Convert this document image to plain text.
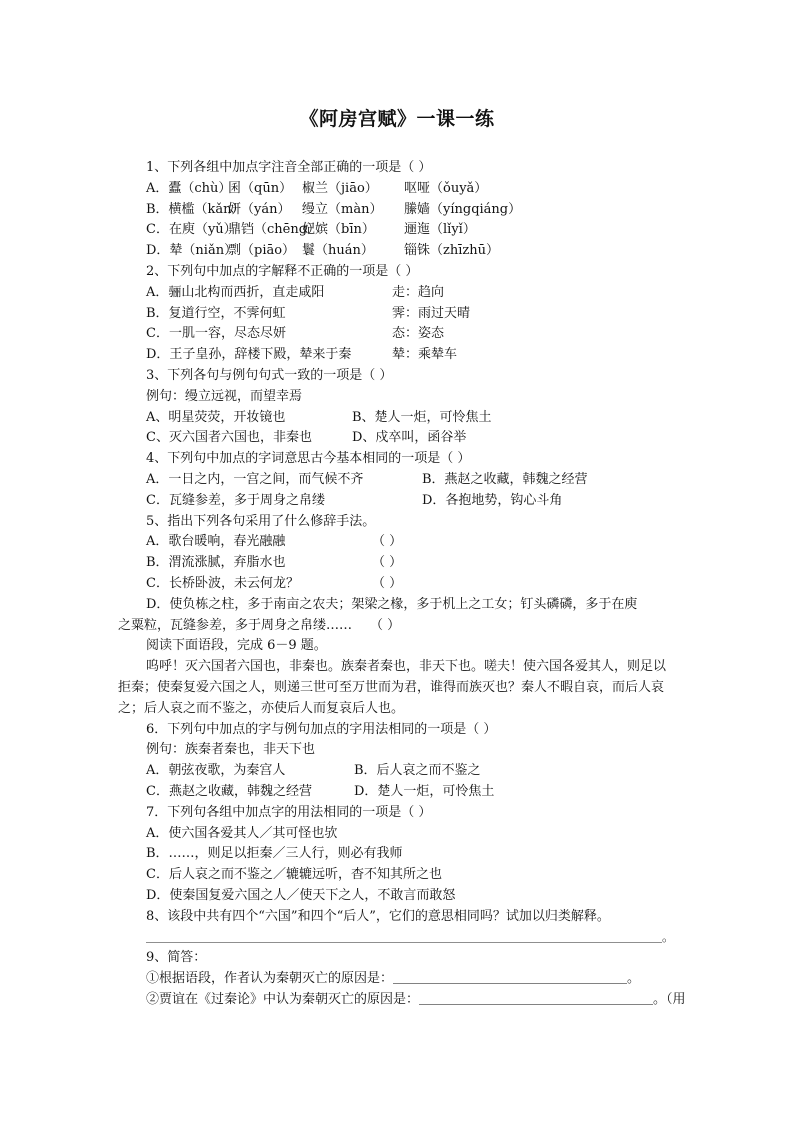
《阿房宫赋》一课一练
1、下列各组中加点字注音全部正确的一项是（ ）
A．蠹（chù）囷（qūn） 椒兰（jiāo） 呕哑（ǒuyǎ）
B．横槛（kǎn）妍（yán） 缦立（màn） 縢嫱（yíngqiáng）
C．在庾（yǔ）鼎铛（chēng）妃嫔（bīn） 逦迤（lǐyǐ）
D．辇（niǎn）剽（piāo） 鬟（huán） 锱铢（zhīzhū）
2、下列句中加点的字解释不正确的一项是（ ）
A．骊山北构而西折，直走咸阳	走：趋向
B．复道行空，不霁何虹	霁：雨过天晴
C．一肌一容，尽态尽妍	态：姿态
D．王子皇孙，辞楼下殿，辇来于秦	辇：乘辇车
3、下列各句与例句句式一致的一项是（ ）
例句：缦立远视，而望幸焉
A、明星荧荧，开妆镜也	B、楚人一炬，可怜焦土
C、灭六国者六国也，非秦也	D、戍卒叫，函谷举
4、下列句中加点的字词意思古今基本相同的一项是（ ）
A．一日之内，一宫之间，而气候不齐	B．燕赵之收藏，韩魏之经营
C．瓦缝参差，多于周身之帛缕	D．各抱地势，钩心斗角
5、指出下列各句采用了什么修辞手法。
A．歌台暖响，春光融融	（ ）
B．渭流涨腻，弃脂水也	（ ）
C．长桥卧波，未云何龙？	（ ）
D．使负栋之柱，多于南亩之农夫；架梁之椽，多于机上之工女；钉头磷磷，多于在庾
之粟粒，瓦缝参差，多于周身之帛缕…… （ ）
阅读下面语段，完成 6－9 题。
呜呼！灭六国者六国也，非秦也。族秦者秦也，非天下也。嗟夫！使六国各爱其人，则足以拒秦；使秦复爱六国之人，则递三世可至万世而为君，谁得而族灭也？秦人不暇自哀，而后人哀之；后人哀之而不鉴之，亦使后人而复哀后人也。
6．下列句中加点的字与例句加点的字用法相同的一项是（ ）
例句：族秦者秦也，非天下也
A．朝弦夜歌，为秦宫人	B．后人哀之而不鉴之
C．燕赵之收藏，韩魏之经营	D．楚人一炬，可怜焦土
7．下列句各组中加点字的用法相同的一项是（ ）
A．使六国各爱其人／其可怪也欤
B．……，则足以拒秦／三人行，则必有我师
C．后人哀之而不鉴之／辘辘远听，杳不知其所之也
D．使秦国复爱六国之人／使天下之人，不敢言而敢怒
8、该段中共有四个“六国”和四个“后人”，它们的意思相同吗？试加以归类解释。
＿＿＿＿＿＿＿＿＿＿＿＿＿＿＿＿＿＿＿＿＿＿＿＿＿＿＿＿＿＿＿＿＿＿＿＿＿＿＿＿＿＿＿。
9、简答：
①根据语段，作者认为秦朝灭亡的原因是：＿＿＿＿＿＿＿＿＿＿＿＿＿＿＿＿＿＿。
②贾谊在《过秦论》中认为秦朝灭亡的原因是：＿＿＿＿＿＿＿＿＿＿＿＿＿＿＿＿＿＿。（用
